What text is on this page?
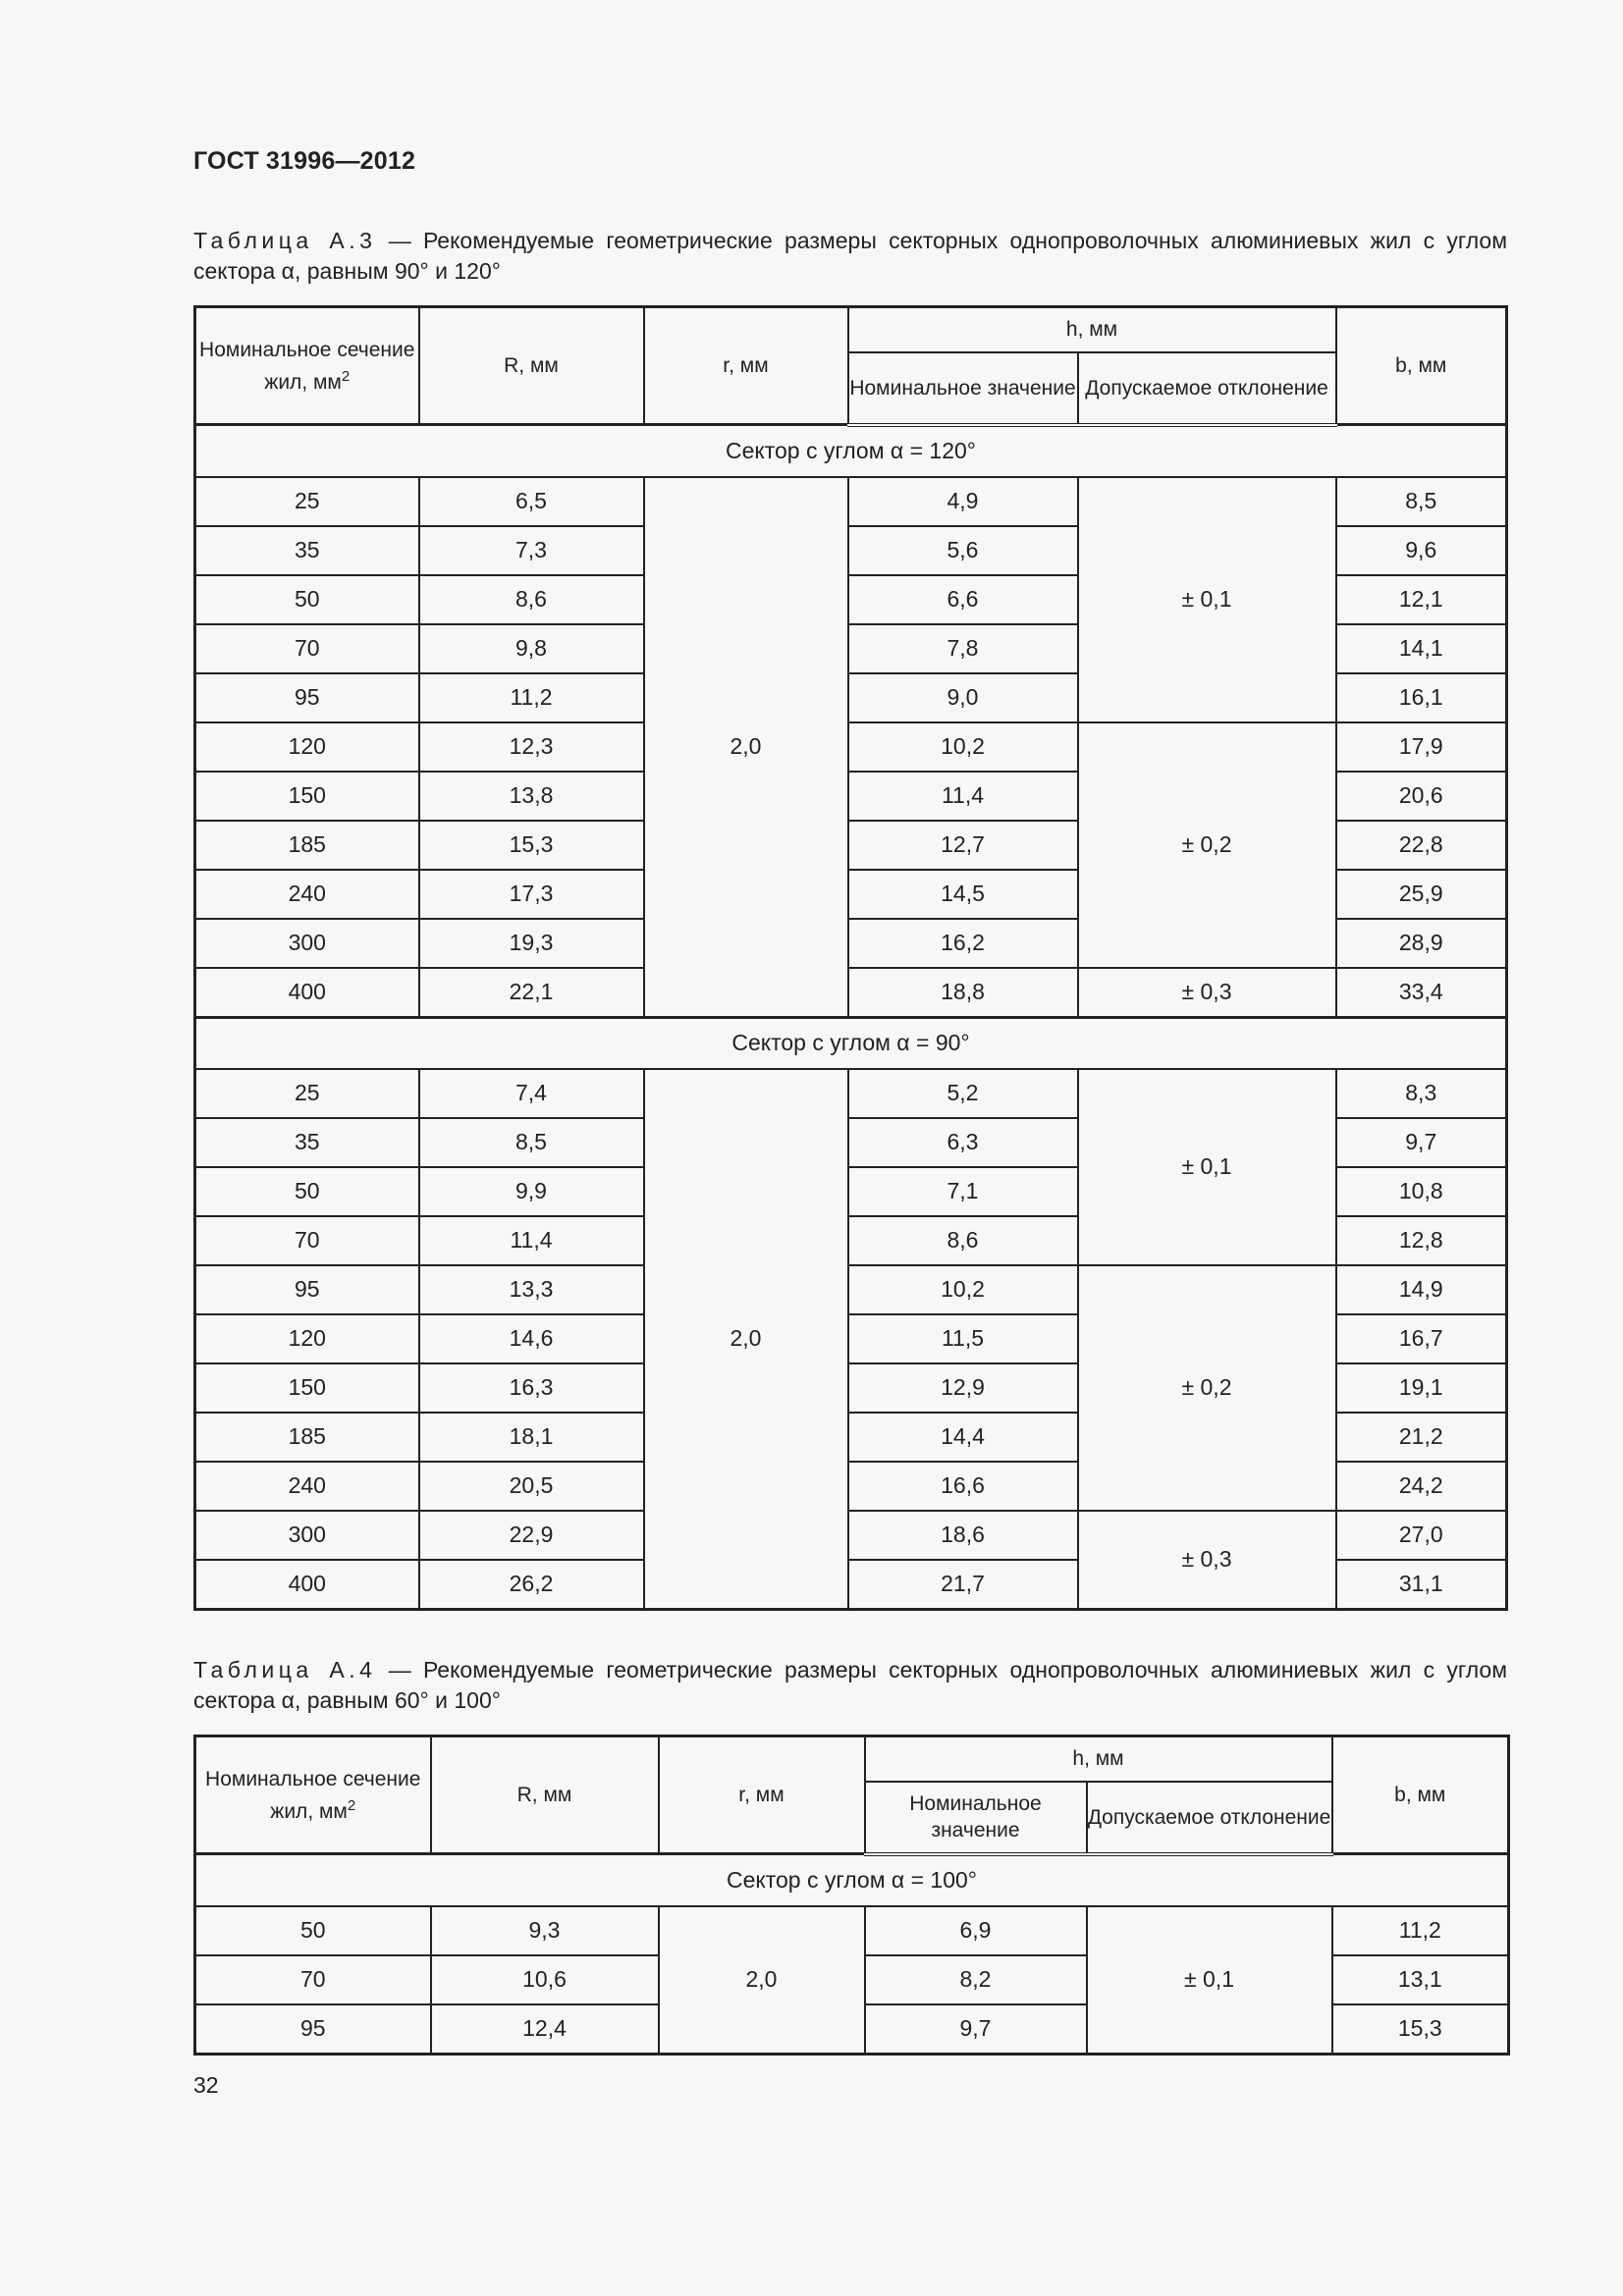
ГОСТ 31996—2012
Таблица А.3 — Рекомендуемые геометрические размеры секторных однопроволочных алюминиевых жил с углом сектора α, равным 90° и 120°
Номинальное сечение жил, $мм^2$	R, мм	r, мм	h, мм		b, мм
			Номинальное значение	Допускаемое отклонение	
Сектор с углом α = 120°					
25	6,5	2,0	4,9	± 0,1	8,5
35	7,3		5,6		9,6
50	8,6		6,6		12,1
70	9,8		7,8		14,1
95	11,2		9,0		16,1
120	12,3		10,2	± 0,2	17,9
150	13,8		11,4		20,6
185	15,3		12,7		22,8
240	17,3		14,5		25,9
300	19,3		16,2		28,9
400	22,1		18,8	± 0,3	33,4
Сектор с углом α = 90°					
25	7,4	2,0	5,2	± 0,1	8,3
35	8,5		6,3		9,7
50	9,9		7,1		10,8
70	11,4		8,6		12,8
95	13,3		10,2	± 0,2	14,9
120	14,6		11,5		16,7
150	16,3		12,9		19,1
185	18,1		14,4		21,2
240	20,5		16,6		24,2
300	22,9		18,6	± 0,3	27,0
400	26,2		21,7		31,1
Таблица А.4 — Рекомендуемые геометрические размеры секторных однопроволочных алюминиевых жил с углом сектора α, равным 60° и 100°
Номинальное сечение жил, $мм^2$	R, мм	r, мм	h, мм		b, мм
			Номинальное значение	Допускаемое отклонение	
Сектор с углом α = 100°					
50	9,3	2,0	6,9	± 0,1	11,2
70	10,6		8,2		13,1
95	12,4		9,7		15,3
32
